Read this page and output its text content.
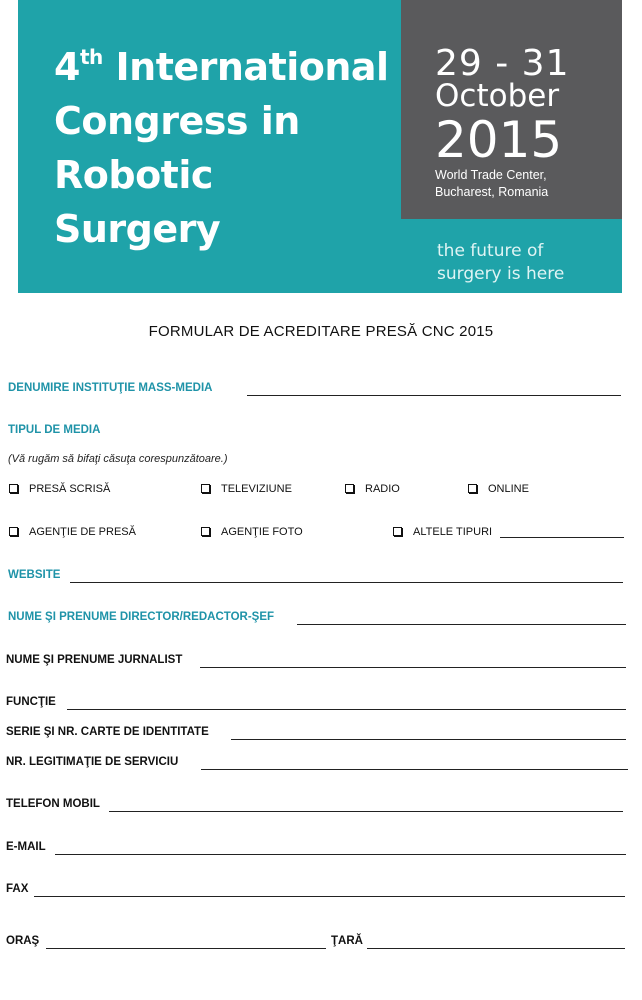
4th International
Congress in
Robotic
Surgery
29 - 31
October
2015
World Trade Center,
Bucharest, Romania
the future of
surgery is here
FORMULAR DE ACREDITARE PRESĂ CNC 2015
DENUMIRE INSTITUŢIE MASS-MEDIA
TIPUL DE MEDIA
(Vă rugăm să bifaţi căsuţa corespunzătoare.)
PRESĂ SCRISĂ	TELEVIZIUNE	RADIO	ONLINE
AGENŢIE DE PRESĂ	AGENŢIE FOTO	ALTELE TIPURI
WEBSITE
NUME ŞI PRENUME DIRECTOR/REDACTOR-ŞEF
NUME ŞI PRENUME JURNALIST
FUNCŢIE
SERIE ŞI NR. CARTE DE IDENTITATE
NR. LEGITIMAŢIE DE SERVICIU
TELEFON MOBIL
E-MAIL
FAX
ORAŞ	ŢARĂ
